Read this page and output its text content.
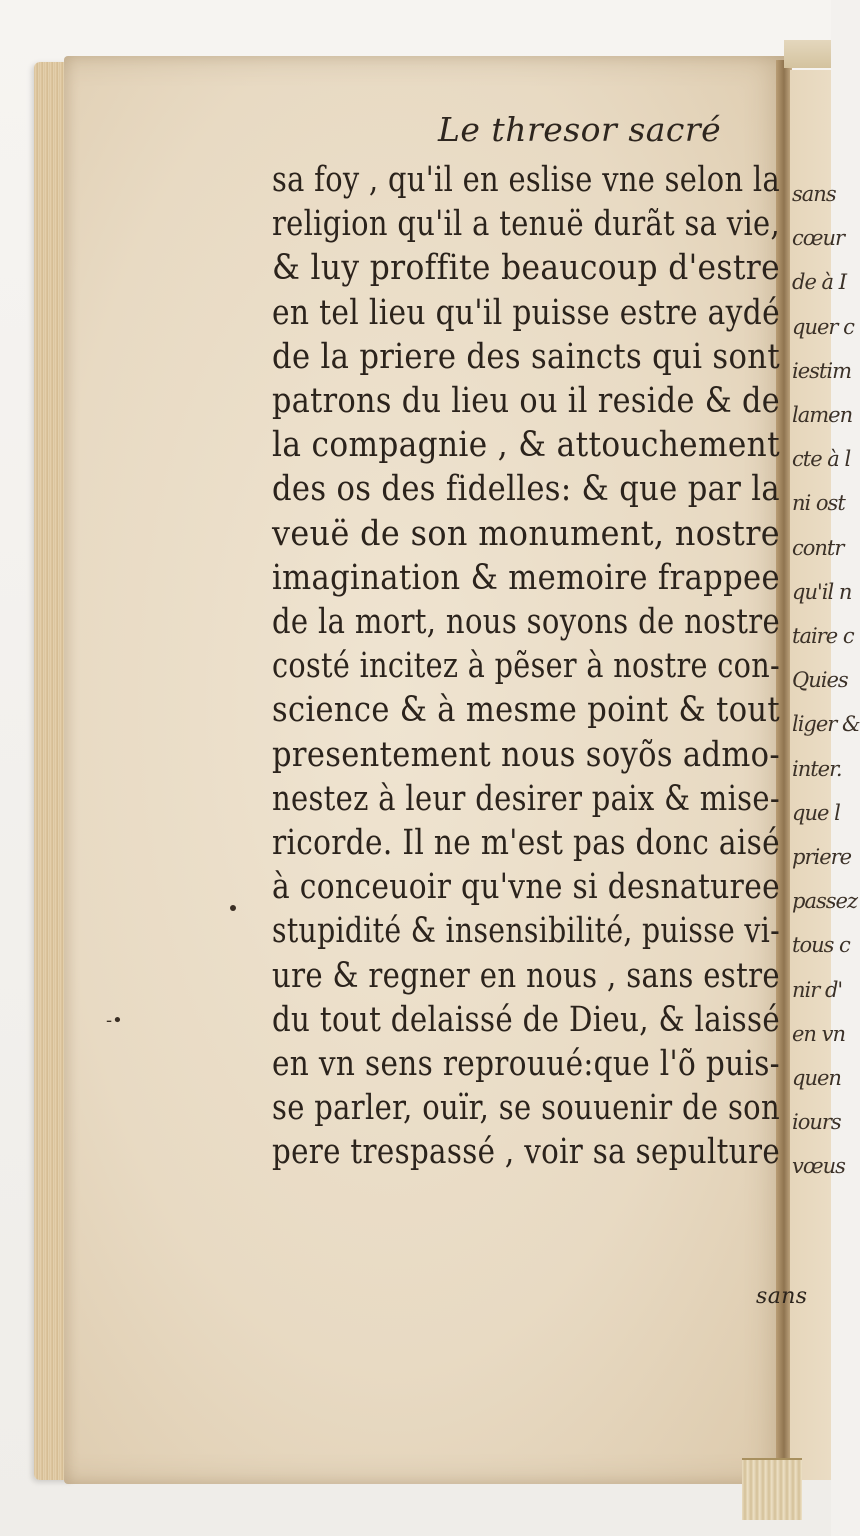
sans
cœur
de à I
quer c
iestim
lamen
cte à l
ni ost
contr
qu'il n
taire c
Quies
liger &
inter.
que l
priere
passez
tous c
nir d'
en vn
quen
iours
vœus
Le thresor sacré
sa foy , qu'il en eslise vne selon la
religion qu'il a tenuë durãt sa vie,
& luy proffite beaucoup d'estre
en tel lieu qu'il puisse estre aydé
de la priere des saincts qui sont
patrons du lieu ou il reside & de
la compagnie , & attouchement
des os des fidelles: & que par la
veuë de son monument, nostre
imagination & memoire frappee
de la mort, nous soyons de nostre
costé incitez à pẽser à nostre con-
science & à mesme point & tout
presentement nous soyõs admo-
nestez à leur desirer paix & mise-
ricorde. Il ne m'est pas donc aisé
à conceuoir qu'vne si desnaturee
stupidité & insensibilité, puisse vi-
ure & regner en nous , sans estre
du tout delaissé de Dieu, & laissé
en vn sens reprouué:que l'õ puis-
se parler, ouïr, se souuenir de son
pere trespassé , voir sa sepulture
sans
-•
